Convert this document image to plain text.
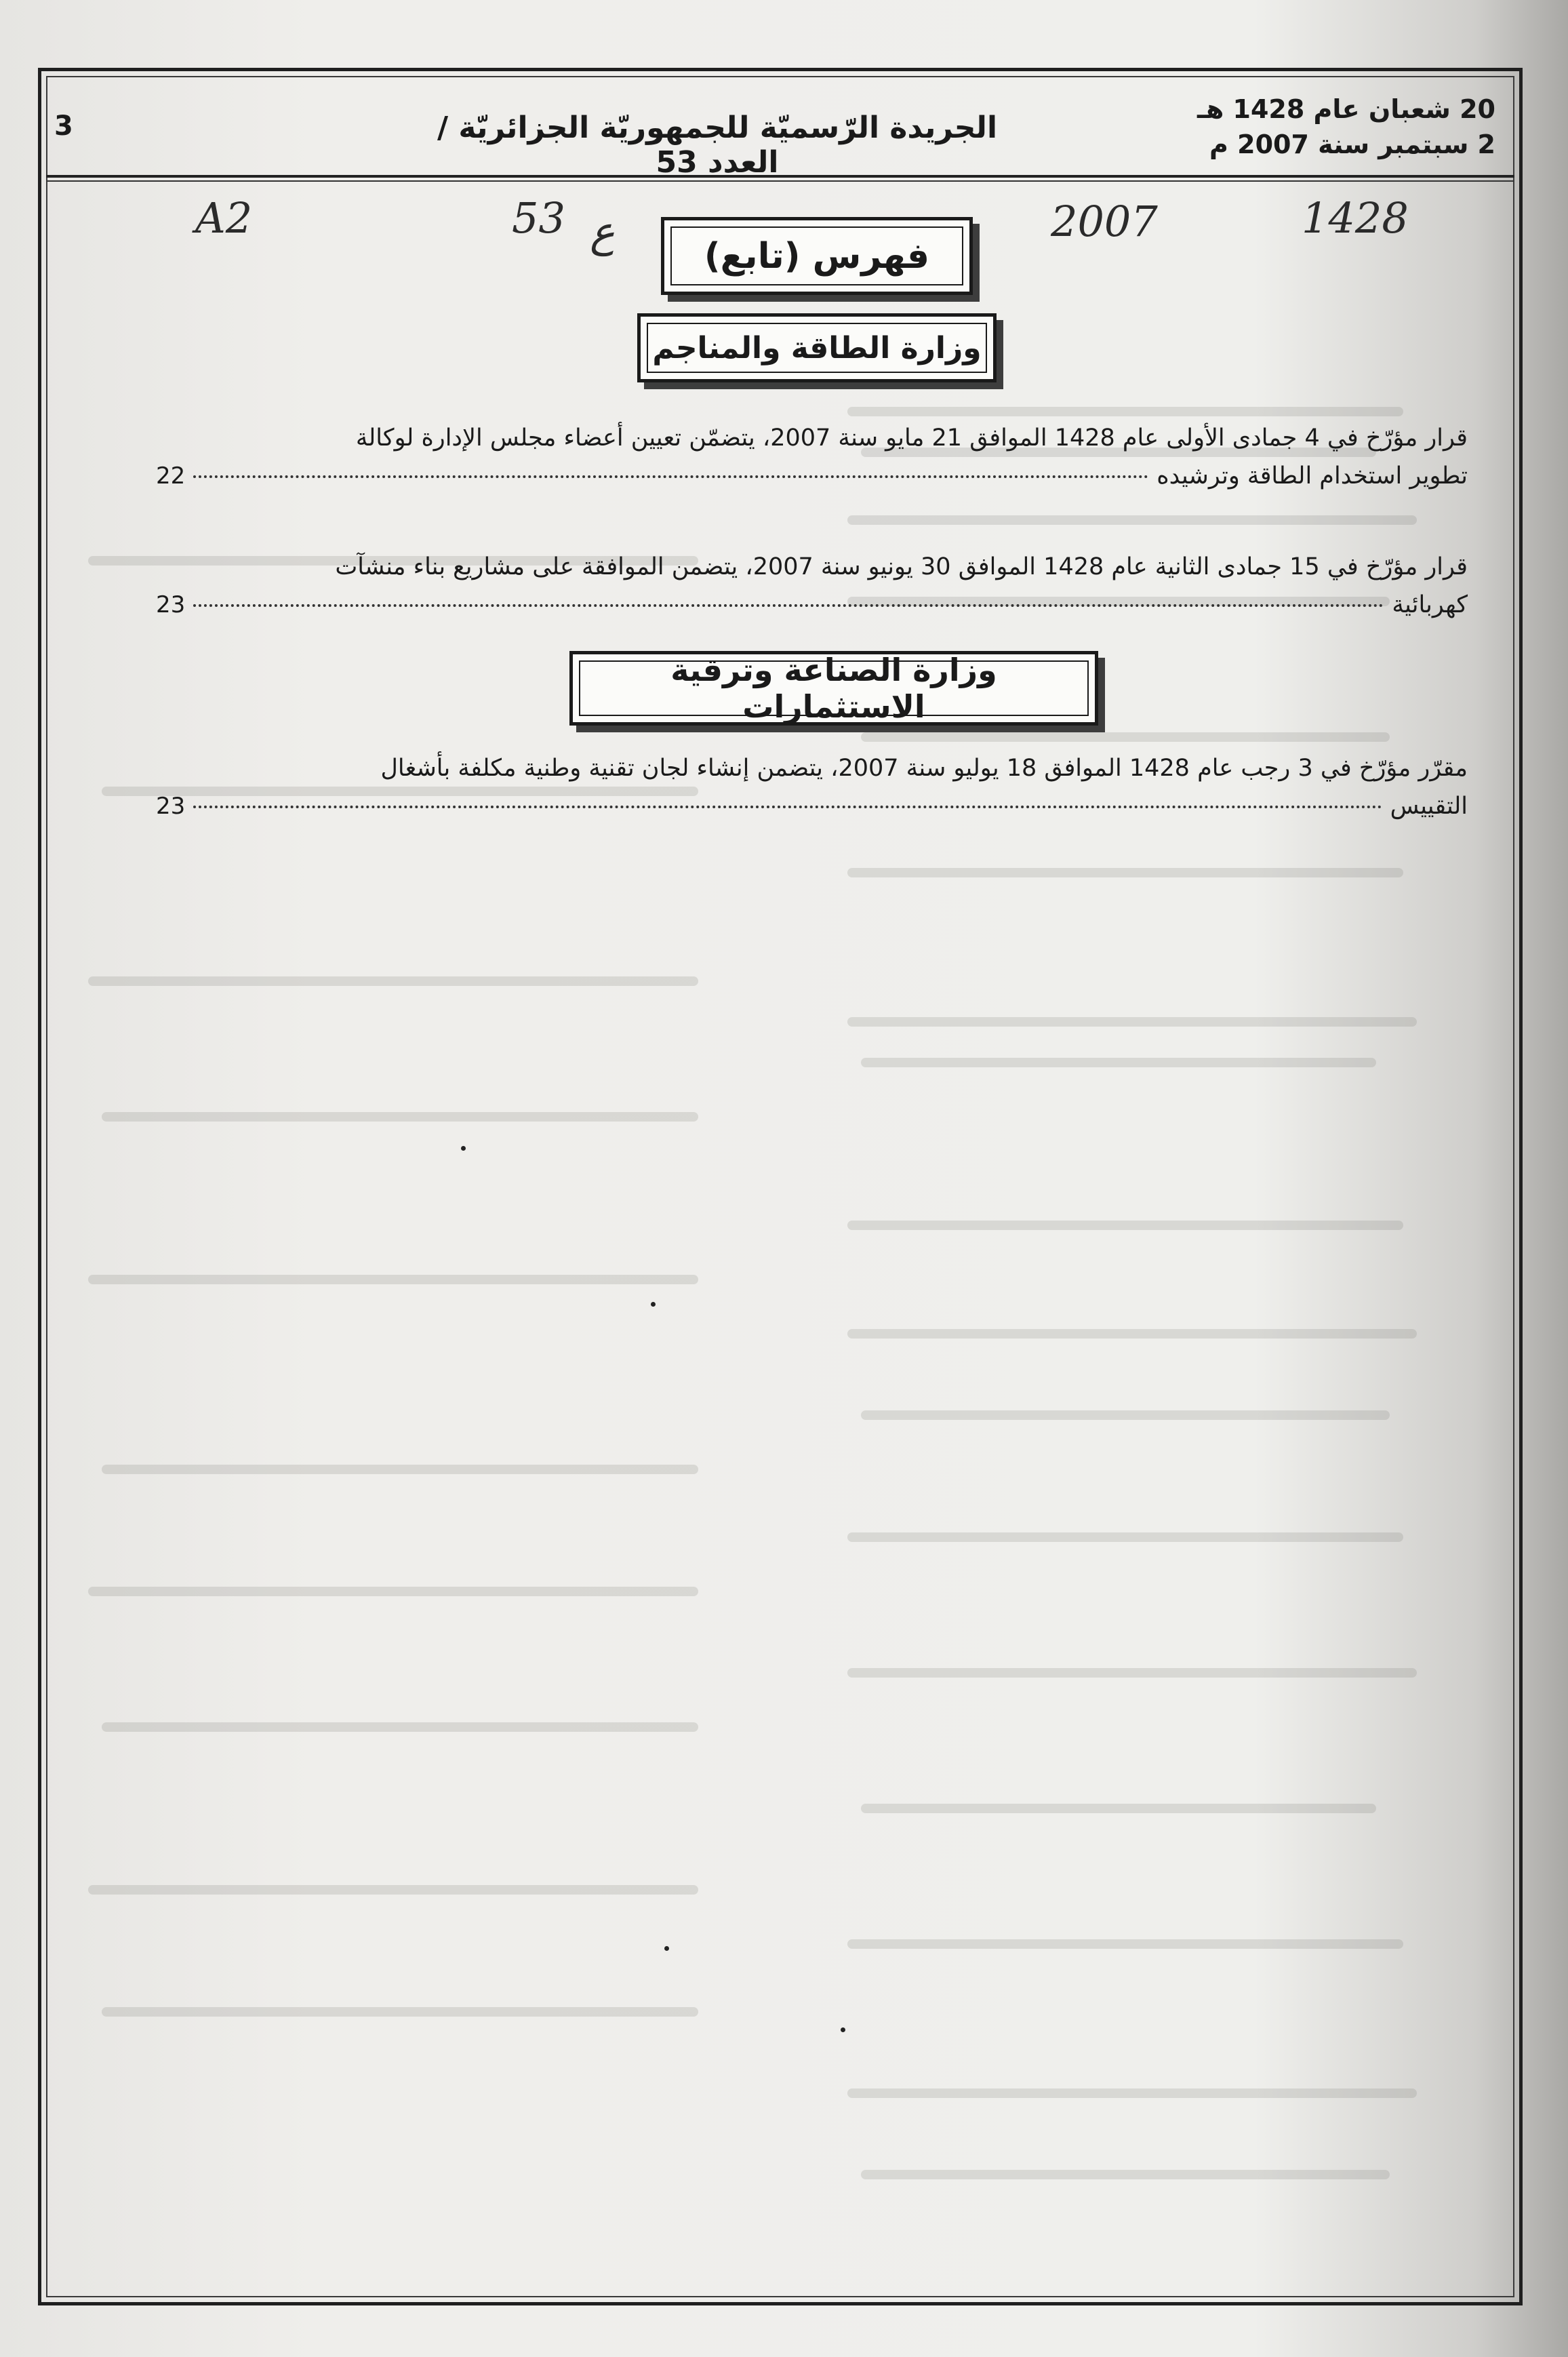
20 شعبان عام 1428 هـ
2 سبتمبر سنة 2007 م
الجريدة الرّسميّة للجمهوريّة الجزائريّة / العدد 53
3
A2	53 ع	2007	1428
فهرس (تابع)
وزارة الطاقة والمناجم
قرار مؤرّخ في 4 جمادى الأولى عام 1428 الموافق 21 مايو سنة 2007، يتضمّن تعيين أعضاء مجلس الإدارة لوكالة
تطوير استخدام الطاقة وترشيده
22
قرار مؤرّخ في 15 جمادى الثانية عام 1428 الموافق 30 يونيو سنة 2007، يتضمن الموافقة على مشاريع بناء منشآت
كهربائية
23
وزارة الصناعة وترقية الاستثمارات
مقرّر مؤرّخ في 3 رجب عام 1428 الموافق 18 يوليو سنة 2007، يتضمن إنشاء لجان تقنية وطنية مكلفة بأشغال
التقييس
23
